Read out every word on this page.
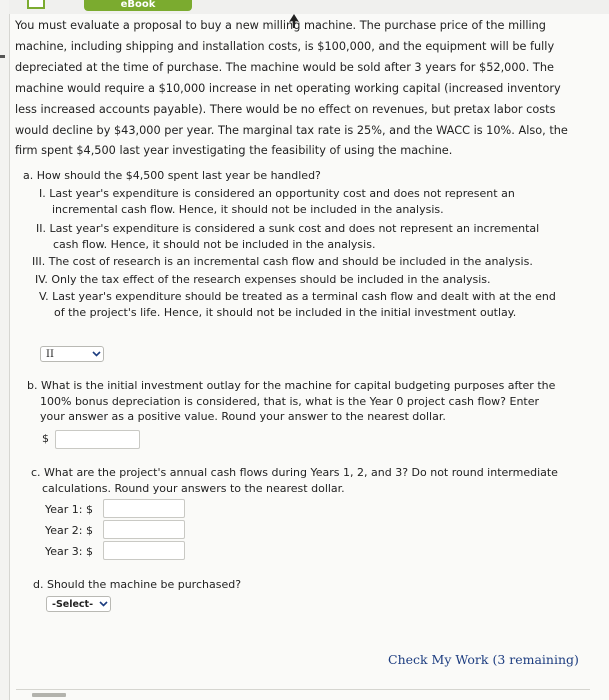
eBook
You must evaluate a proposal to buy a new milling machine. The purchase price of the milling
machine, including shipping and installation costs, is $100,000, and the equipment will be fully
depreciated at the time of purchase. The machine would be sold after 3 years for $52,000. The
machine would require a $10,000 increase in net operating working capital (increased inventory
less increased accounts payable). There would be no effect on revenues, but pretax labor costs
would decline by $43,000 per year. The marginal tax rate is 25%, and the WACC is 10%. Also, the
firm spent $4,500 last year investigating the feasibility of using the machine.
a. How should the $4,500 spent last year be handled?
I. Last year's expenditure is considered an opportunity cost and does not represent an
incremental cash flow. Hence, it should not be included in the analysis.
II. Last year's expenditure is considered a sunk cost and does not represent an incremental
cash flow. Hence, it should not be included in the analysis.
III. The cost of research is an incremental cash flow and should be included in the analysis.
IV. Only the tax effect of the research expenses should be included in the analysis.
V. Last year's expenditure should be treated as a terminal cash flow and dealt with at the end
of the project's life. Hence, it should not be included in the initial investment outlay.
II
b. What is the initial investment outlay for the machine for capital budgeting purposes after the
100% bonus depreciation is considered, that is, what is the Year 0 project cash flow? Enter
your answer as a positive value. Round your answer to the nearest dollar.
$
c. What are the project's annual cash flows during Years 1, 2, and 3? Do not round intermediate
calculations. Round your answers to the nearest dollar.
Year 1: $
Year 2: $
Year 3: $
d. Should the machine be purchased?
-Select-
Check My Work (3 remaining)
